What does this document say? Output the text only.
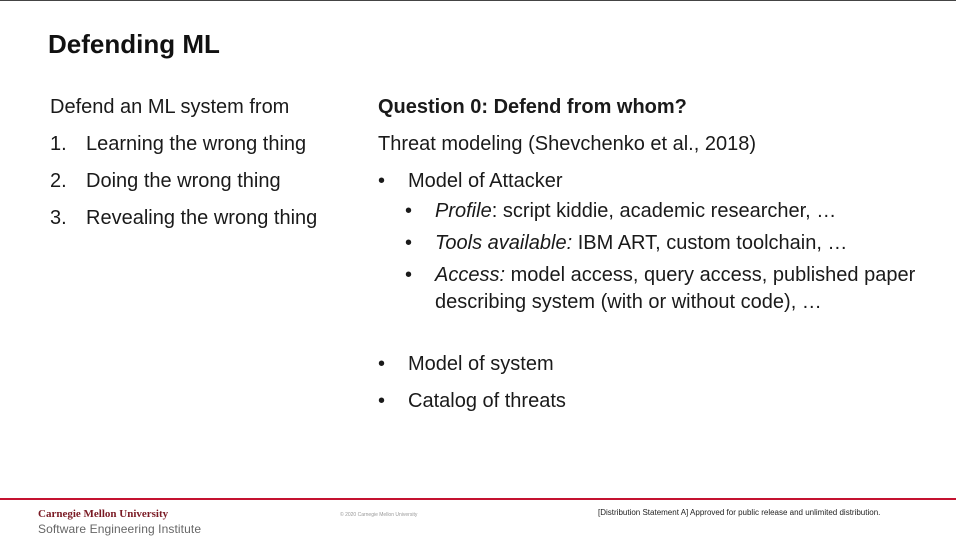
Defending ML
Defend an ML system from
1. Learning the wrong thing
2. Doing the wrong thing
3. Revealing the wrong thing
Question 0: Defend from whom?
Threat modeling (Shevchenko et al., 2018)
•	Model of Attacker
•	Profile: script kiddie, academic researcher, …
•	Tools available: IBM ART, custom toolchain, …
•	Access: model access, query access, published paper describing system (with or without code), …
•	Model of system
•	Catalog of threats
Carnegie Mellon University
Software Engineering Institute
© 2020 Carnegie Mellon University	[Distribution Statement A] Approved for public release and unlimited distribution.
